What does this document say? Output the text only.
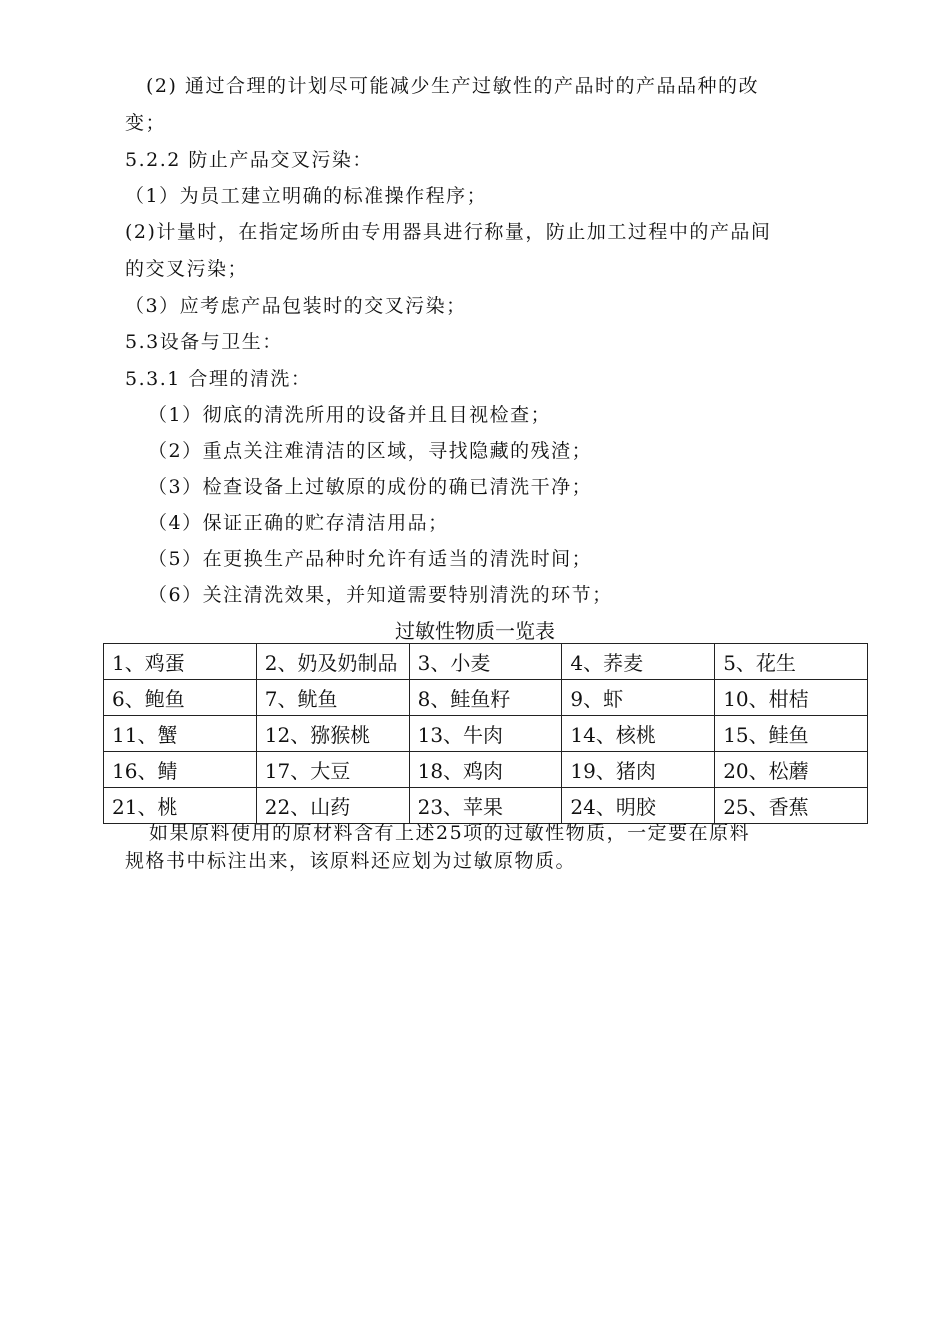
(2) 通过合理的计划尽可能减少生产过敏性的产品时的产品品种的改
变；
5.2.2 防止产品交叉污染：
（1）为员工建立明确的标准操作程序；
(2)计量时，在指定场所由专用器具进行称量，防止加工过程中的产品间
的交叉污染；
（3）应考虑产品包装时的交叉污染；
5.3设备与卫生：
5.3.1 合理的清洗：
（1）彻底的清洗所用的设备并且目视检查；
（2）重点关注难清洁的区域，寻找隐藏的残渣；
（3）检查设备上过敏原的成份的确已清洗干净；
（4）保证正确的贮存清洁用品；
（5）在更换生产品种时允许有适当的清洗时间；
（6）关注清洗效果，并知道需要特别清洗的环节；
过敏性物质一览表
1、鸡蛋	2、奶及奶制品	3、小麦	4、荞麦	5、花生
6、鲍鱼	7、鱿鱼	8、鲑鱼籽	9、虾	10、柑桔
11、蟹	12、猕猴桃	13、牛肉	14、核桃	15、鲑鱼
16、鲭	17、大豆	18、鸡肉	19、猪肉	20、松蘑
21、桃	22、山药	23、苹果	24、明胶	25、香蕉
如果原料使用的原材料含有上述25项的过敏性物质，一定要在原料
规格书中标注出来，该原料还应划为过敏原物质。
